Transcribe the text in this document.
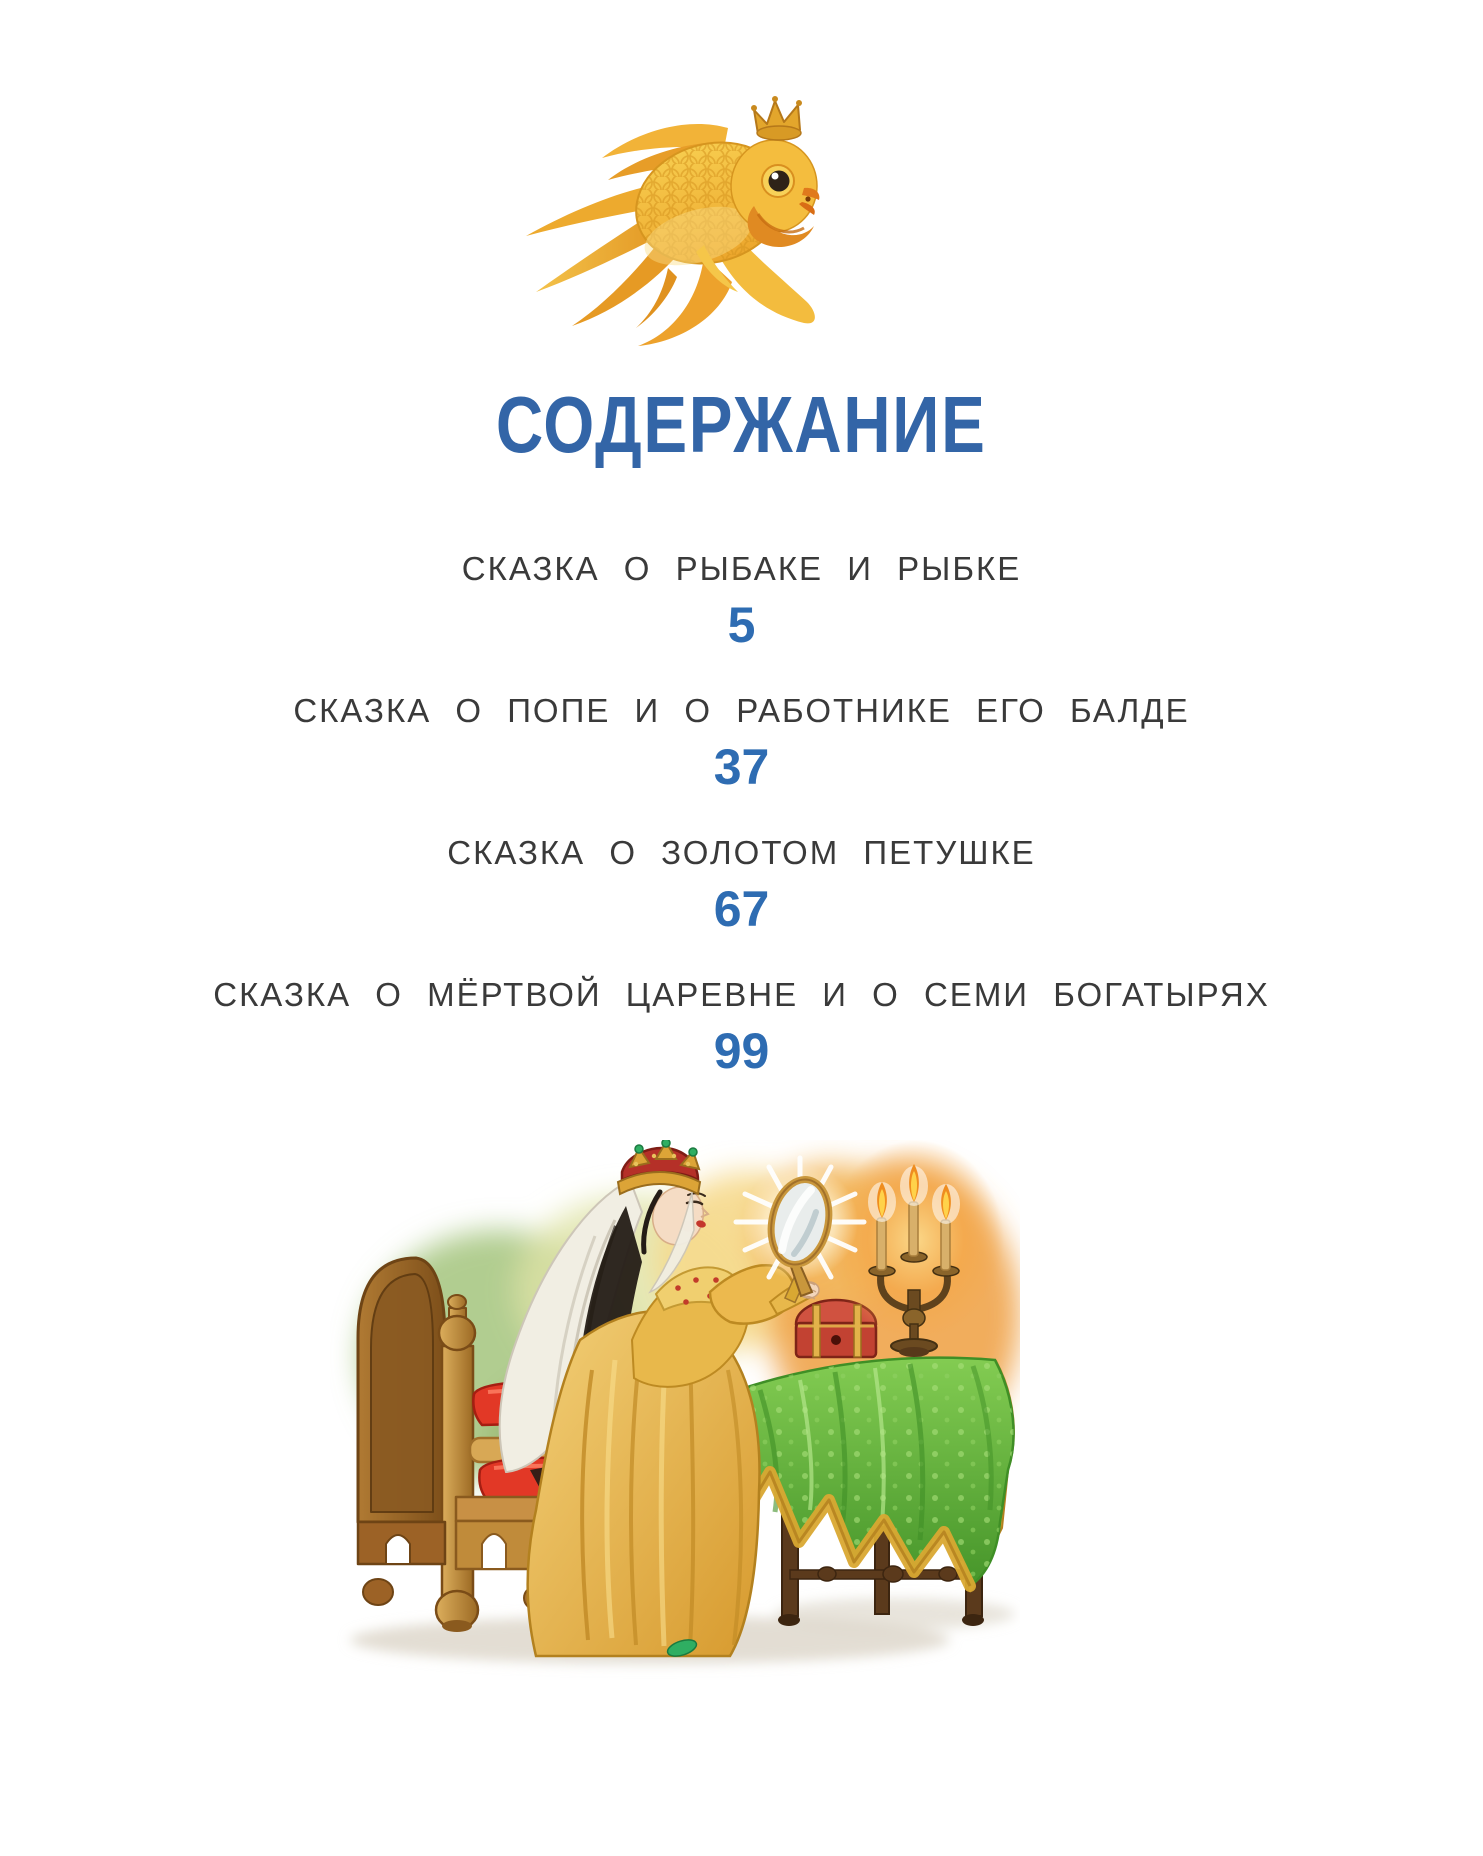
СОДЕРЖАНИЕ
СКАЗКА О РЫБАКЕ И РЫБКЕ
5
СКАЗКА О ПОПЕ И О РАБОТНИКЕ ЕГО БАЛДЕ
37
СКАЗКА О ЗОЛОТОМ ПЕТУШКЕ
67
СКАЗКА О МЁРТВОЙ ЦАРЕВНЕ И О СЕМИ БОГАТЫРЯХ
99
